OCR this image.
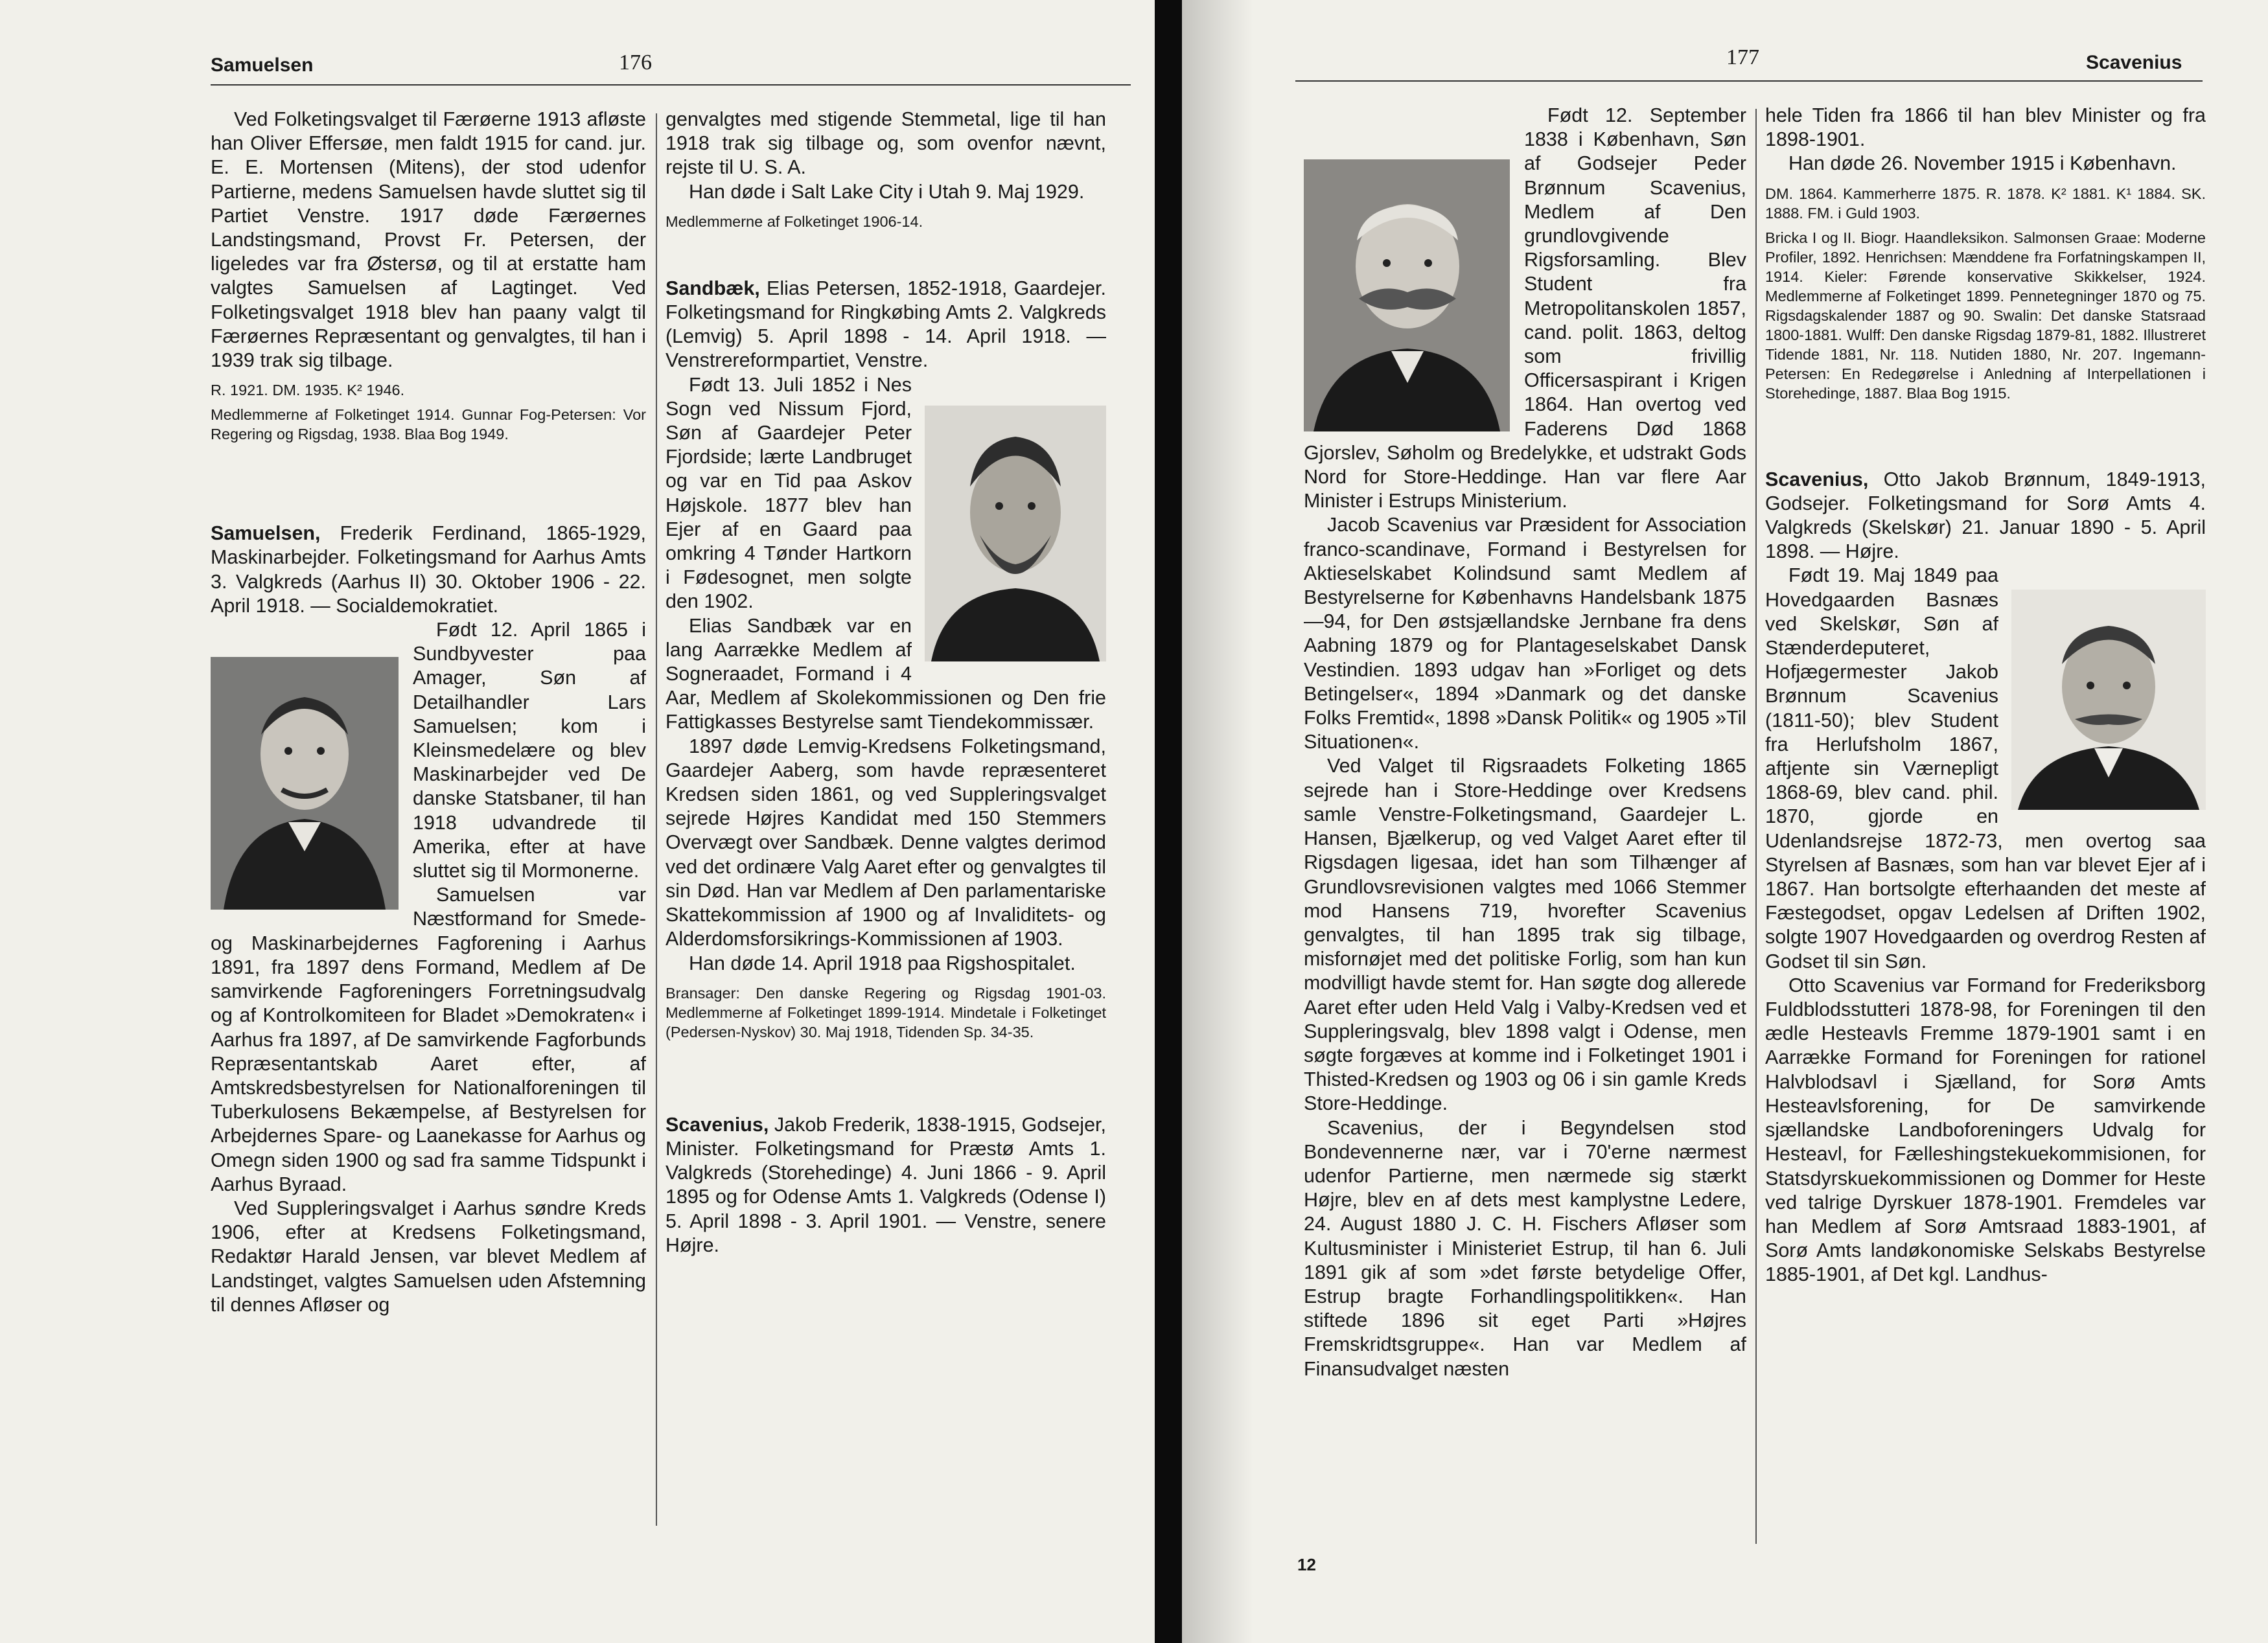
Samuelsen	176

Ved Folketingsvalget til Færøerne 1913 afløste han Oliver Effersøe, men faldt 1915 for cand. jur. E. E. Mortensen (Mitens), der stod udenfor Partierne, medens Samuelsen havde sluttet sig til Partiet Venstre. 1917 døde Færøernes Landstingsmand, Provst Fr. Petersen, der ligeledes var fra Østersø, og til at erstatte ham valgtes Samuelsen af Lagtinget. Ved Folketingsvalget 1918 blev han paany valgt til Færøernes Repræsentant og genvalgtes, til han i 1939 trak sig tilbage.

R. 1921. DM. 1935. K² 1946.

Medlemmerne af Folketinget 1914. Gunnar Fog-Petersen: Vor Regering og Rigsdag, 1938. Blaa Bog 1949.

Samuelsen, Frederik Ferdinand, 1865-1929, Maskinarbejder. Folketingsmand for Aarhus Amts 3. Valgkreds (Aarhus II) 30. Oktober 1906 - 22. April 1918. — Socialdemokratiet.

Født 12. April 1865 i Sundbyvester paa Amager, Søn af Detailhandler Lars Samuelsen; kom i Kleinsmedelære og blev Maskinarbejder ved De danske Statsbaner, til han 1918 udvandrede til Amerika, efter at have sluttet sig til Mormonerne.

Samuelsen var Næstformand for Smede- og Maskinarbejdernes Fagforening i Aarhus 1891, fra 1897 dens Formand, Medlem af De samvirkende Fagforeningers Forretningsudvalg og af Kontrolkomiteen for Bladet »Demokraten« i Aarhus fra 1897, af De samvirkende Fagforbunds Repræsentantskab Aaret efter, af Amtskredsbestyrelsen for Nationalforeningen til Tuberkulosens Bekæmpelse, af Bestyrelsen for Arbejdernes Spare- og Laanekasse for Aarhus og Omegn siden 1900 og sad fra samme Tidspunkt i Aarhus Byraad.

Ved Suppleringsvalget i Aarhus søndre Kreds 1906, efter at Kredsens Folketingsmand, Redaktør Harald Jensen, var blevet Medlem af Landstinget, valgtes Samuelsen uden Afstemning til dennes Afløser og

genvalgtes med stigende Stemmetal, lige til han 1918 trak sig tilbage og, som ovenfor nævnt, rejste til U. S. A.

Han døde i Salt Lake City i Utah 9. Maj 1929.

Medlemmerne af Folketinget 1906-14.

Sandbæk, Elias Petersen, 1852-1918, Gaardejer. Folketingsmand for Ringkøbing Amts 2. Valgkreds (Lemvig) 5. April 1898 - 14. April 1918. — Venstrereformpartiet, Venstre.

Født 13. Juli 1852 i Nes Sogn ved Nissum Fjord, Søn af Gaardejer Peter Fjordside; lærte Landbruget og var en Tid paa Askov Højskole. 1877 blev han Ejer af en Gaard paa omkring 4 Tønder Hartkorn i Fødesognet, men solgte den 1902.

Elias Sandbæk var en lang Aarrække Medlem af Sogneraadet, Formand i 4 Aar, Medlem af Skolekommissionen og Den frie Fattigkasses Bestyrelse samt Tiendekommissær.

1897 døde Lemvig-Kredsens Folketingsmand, Gaardejer Aaberg, som havde repræsenteret Kredsen siden 1861, og ved Suppleringsvalget sejrede Højres Kandidat med 150 Stemmers Overvægt over Sandbæk. Denne valgtes derimod ved det ordinære Valg Aaret efter og genvalgtes til sin Død. Han var Medlem af Den parlamentariske Skattekommission af 1900 og af Invaliditets- og Alderdomsforsikrings-Kommissionen af 1903.

Han døde 14. April 1918 paa Rigshospitalet.

Bransager: Den danske Regering og Rigsdag 1901-03. Medlemmerne af Folketinget 1899-1914. Mindetale i Folketinget (Pedersen-Nyskov) 30. Maj 1918, Tidenden Sp. 34-35.

Scavenius, Jakob Frederik, 1838-1915, Godsejer, Minister. Folketingsmand for Præstø Amts 1. Valgkreds (Storehedinge) 4. Juni 1866 - 9. April 1895 og for Odense Amts 1. Valgkreds (Odense I) 5. April 1898 - 3. April 1901. — Venstre, senere Højre.

177	Scavenius

Født 12. September 1838 i København, Søn af Godsejer Peder Brønnum Scavenius, Medlem af Den grundlovgivende Rigsforsamling. Blev Student fra Metropolitanskolen 1857, cand. polit. 1863, deltog som frivillig Officersaspirant i Krigen 1864. Han overtog ved Faderens Død 1868 Gjorslev, Søholm og Bredelykke, et udstrakt Gods Nord for Store-Heddinge. Han var flere Aar Minister i Estrups Ministerium.

Jacob Scavenius var Præsident for Association franco-scandinave, Formand i Bestyrelsen for Aktieselskabet Kolindsund samt Medlem af Bestyrelserne for Københavns Handelsbank 1875—94, for Den østsjællandske Jernbane fra dens Aabning 1879 og for Plantageselskabet Dansk Vestindien. 1893 udgav han »Forliget og dets Betingelser«, 1894 »Danmark og det danske Folks Fremtid«, 1898 »Dansk Politik« og 1905 »Til Situationen«.

Ved Valget til Rigsraadets Folketing 1865 sejrede han i Store-Heddinge over Kredsens samle Venstre-Folketingsmand, Gaardejer L. Hansen, Bjælkerup, og ved Valget Aaret efter til Rigsdagen ligesaa, idet han som Tilhænger af Grundlovsrevisionen valgtes med 1066 Stemmer mod Hansens 719, hvorefter Scavenius genvalgtes, til han 1895 trak sig tilbage, misfornøjet med det politiske Forlig, som han kun modvilligt havde stemt for. Han søgte dog allerede Aaret efter uden Held Valg i Valby-Kredsen ved et Suppleringsvalg, blev 1898 valgt i Odense, men søgte forgæves at komme ind i Folketinget 1901 i Thisted-Kredsen og 1903 og 06 i sin gamle Kreds Store-Heddinge.

Scavenius, der i Begyndelsen stod Bondevennerne nær, var i 70'erne nærmest udenfor Partierne, men nærmede sig stærkt Højre, blev en af dets mest kamplystne Ledere, 24. August 1880 J. C. H. Fischers Afløser som Kultusminister i Ministeriet Estrup, til han 6. Juli 1891 gik af som »det første betydelige Offer, Estrup bragte Forhandlingspolitikken«. Han stiftede 1896 sit eget Parti »Højres Fremskridtsgruppe«. Han var Medlem af Finansudvalget næsten

hele Tiden fra 1866 til han blev Minister og fra 1898-1901.

Han døde 26. November 1915 i København.

DM. 1864. Kammerherre 1875. R. 1878. K² 1881. K¹ 1884. SK. 1888. FM. i Guld 1903.

Bricka I og II. Biogr. Haandleksikon. Salmonsen Graae: Moderne Profiler, 1892. Henrichsen: Mænddene fra Forfatningskampen II, 1914. Kieler: Førende konservative Skikkelser, 1924. Medlemmerne af Folketinget 1899. Pennetegninger 1870 og 75. Rigsdagskalender 1887 og 90. Swalin: Det danske Statsraad 1800-1881. Wulff: Den danske Rigsdag 1879-81, 1882. Illustreret Tidende 1881, Nr. 118. Nutiden 1880, Nr. 207. Ingemann-Petersen: En Redegørelse i Anledning af Interpellationen i Storehedinge, 1887. Blaa Bog 1915.

Scavenius, Otto Jakob Brønnum, 1849-1913, Godsejer. Folketingsmand for Sorø Amts 4. Valgkreds (Skelskør) 21. Januar 1890 - 5. April 1898. — Højre.

Født 19. Maj 1849 paa Hovedgaarden Basnæs ved Skelskør, Søn af Stænderdeputeret, Hofjægermester Jakob Brønnum Scavenius (1811-50); blev Student fra Herlufsholm 1867, aftjente sin Værnepligt 1868-69, blev cand. phil. 1870, gjorde en Udenlandsrejse 1872-73, men overtog saa Styrelsen af Basnæs, som han var blevet Ejer af i 1867. Han bortsolgte efterhaanden det meste af Fæstegodset, opgav Ledelsen af Driften 1902, solgte 1907 Hovedgaarden og overdrog Resten af Godset til sin Søn.

Otto Scavenius var Formand for Frederiksborg Fuldblodsstutteri 1878-98, for Foreningen til den ædle Hesteavls Fremme 1879-1901 samt i en Aarrække Formand for Foreningen for rationel Halvblodsavl i Sjælland, for Sorø Amts Hesteavlsforening, for De samvirkende sjællandske Landboforeningers Udvalg for Hesteavl, for Fælleshingstekuekommisionen, for Statsdyrskuekommissionen og Dommer for Heste ved talrige Dyrskuer 1878-1901. Fremdeles var han Medlem af Sorø Amtsraad 1883-1901, af Sorø Amts landøkonomiske Selskabs Bestyrelse 1885-1901, af Det kgl. Landhus-

12
